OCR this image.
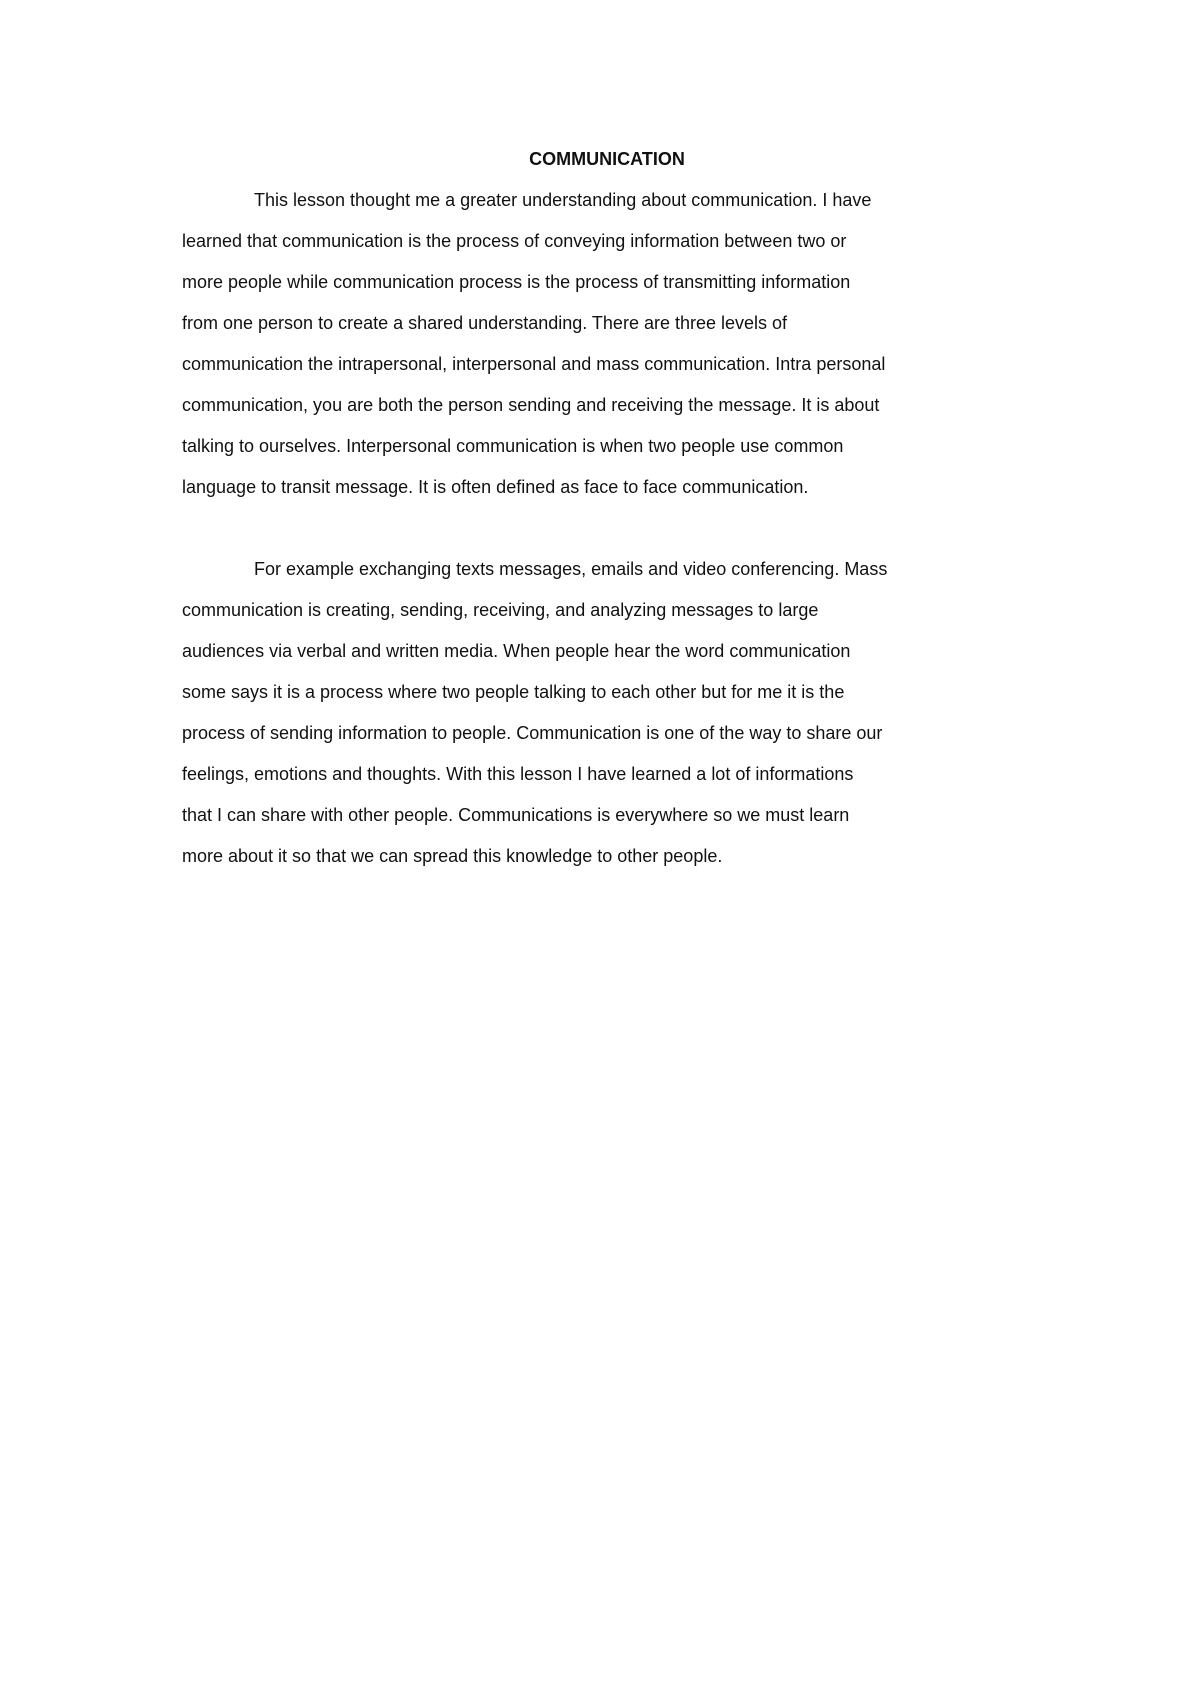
COMMUNICATION
This lesson thought me a greater understanding about communication. I have
learned that communication is the process of conveying information between two or
more people while communication process is the process of transmitting information
from one person to create a shared understanding. There are three levels of
communication the intrapersonal, interpersonal and mass communication. Intra personal
communication, you are both the person sending and receiving the message. It is about
talking to ourselves. Interpersonal communication is when two people use common
language to transit message. It is often defined as face to face communication.
For example exchanging texts messages, emails and video conferencing. Mass
communication is creating, sending, receiving, and analyzing messages to large
audiences via verbal and written media. When people hear the word communication
some says it is a process where two people talking to each other but for me it is the
process of sending information to people. Communication is one of the way to share our
feelings, emotions and thoughts. With this lesson I have learned a lot of informations
that I can share with other people. Communications is everywhere so we must learn
more about it so that we can spread this knowledge to other people.
